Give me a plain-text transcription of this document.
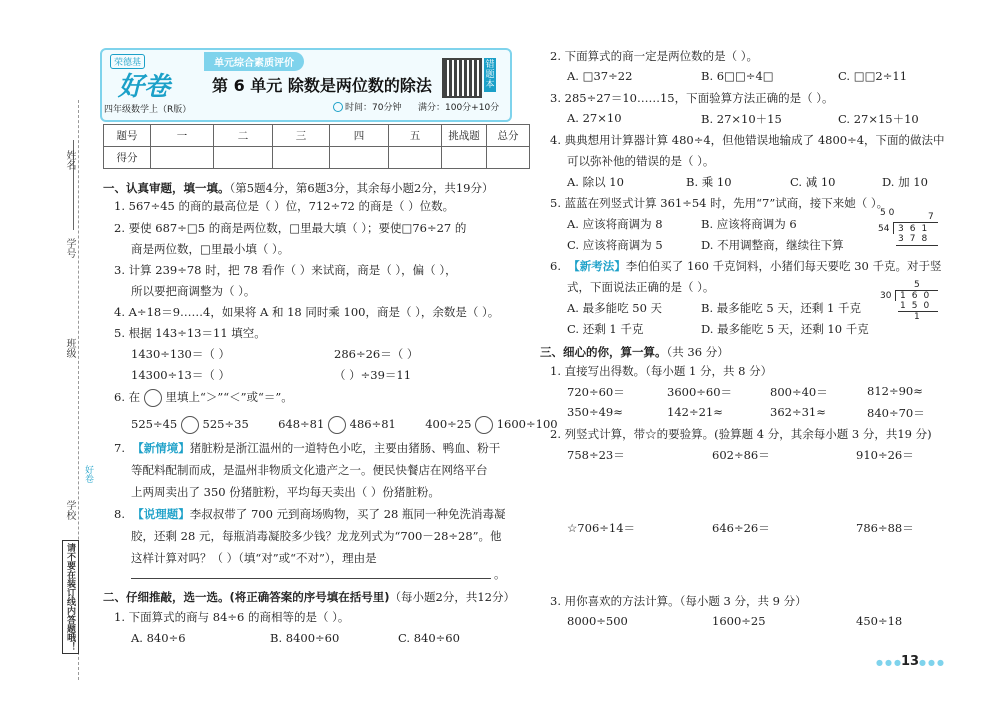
姓名
学号
班级
学校
好卷
请不要在装订线内答题哦！
荣德基
好卷
四年级数学上（R版）
单元综合素质评价
第 6 单元 除数是两位数的除法
时间：70分钟 满分：100分+10分
错题本
题号	一	二	三	四	五	挑战题	总分
得分							
一、认真审题，填一填。（第5题4分，第6题3分，其余每小题2分，共19分）
1. 567÷45 的商的最高位是（ ）位，712÷72 的商是（ ）位数。
2. 要使 687÷□5 的商是两位数，□里最大填（ ）；要使□76÷27 的
商是两位数，□里最小填（ ）。
3. 计算 239÷78 时，把 78 看作（ ）来试商，商是（ ），偏（ ），
所以要把商调整为（ ）。
4. A÷18＝9……4，如果将 A 和 18 同时乘 100，商是（ ），余数是（ ）。
5. 根据 143÷13＝11 填空。
1430÷130＝（ ）	286÷26＝（ ）
14300÷13＝（ ）	（ ）÷39＝11
6. 在 里填上“＞”“＜”或“＝”。
525÷45 525÷35	648÷81 486÷81	400÷25 1600÷100
7.  【新情境】猪脏粉是浙江温州的一道特色小吃，主要由猪肠、鸭血、粉干
等配料配制而成，是温州非物质文化遗产之一。便民快餐店在网络平台
上两周卖出了 350 份猪脏粉，平均每天卖出（ ）份猪脏粉。
8.  【说理题】李叔叔带了 700 元到商场购物，买了 28 瓶同一种免洗消毒凝
胶，还剩 28 元，每瓶消毒凝胶多少钱？龙龙列式为“700－28÷28”。他
这样计算对吗？（ ）（填“对”或“不对”），理由是
。
二、仔细推敲，选一选。(将正确答案的序号填在括号里)（每小题2分，共12分）
1. 下面算式的商与 84÷6 的商相等的是（ ）。
A. 840÷6	B. 8400÷60	C. 840÷60
2. 下面算式的商一定是两位数的是（ ）。
A. □37÷22	B. 6□□÷4□	C. □□2÷11
3. 285÷27＝10……15，下面验算方法正确的是（ ）。
A. 27×10	B. 27×10＋15	C. 27×15＋10
4. 典典想用计算器计算 480÷4，但他错误地输成了 4800÷4，下面的做法中
可以弥补他的错误的是（ ）。
A. 除以 10	B. 乘 10	C. 减 10	D. 加 10
5. 蓝蓝在列竖式计算 361÷54 时，先用“7”试商，接下来她（ ）。
A. 应该将商调为 8	B. 应该将商调为 6
C. 应该将商调为 5	D. 不用调整商，继续往下算
5 0	7
54 361
378
6.  【新考法】李伯伯买了 160 千克饲料，小猪们每天要吃 30 千克。对于竖
式，下面说法正确的是（ ）。
A. 最多能吃 50 天	B. 最多能吃 5 天，还剩 1 千克
C. 还剩 1 千克	D. 最多能吃 5 天，还剩 10 千克
5
30 160
150
1
三、细心的你，算一算。（共 36 分）
1. 直接写出得数。（每小题 1 分，共 8 分）
720÷60＝	3600÷60＝	800÷40＝	812÷90≈
350÷49≈	142÷21≈	362÷31≈	840÷70＝
2. 列竖式计算，带☆的要验算。(验算题 4 分，其余每小题 3 分，共19 分)
758÷23＝	602÷86＝	910÷26＝
☆706÷14＝	646÷26＝	786÷88＝
3. 用你喜欢的方法计算。（每小题 3 分，共 9 分）
8000÷500	1600÷25	450÷18
●●●
13 ●●●
